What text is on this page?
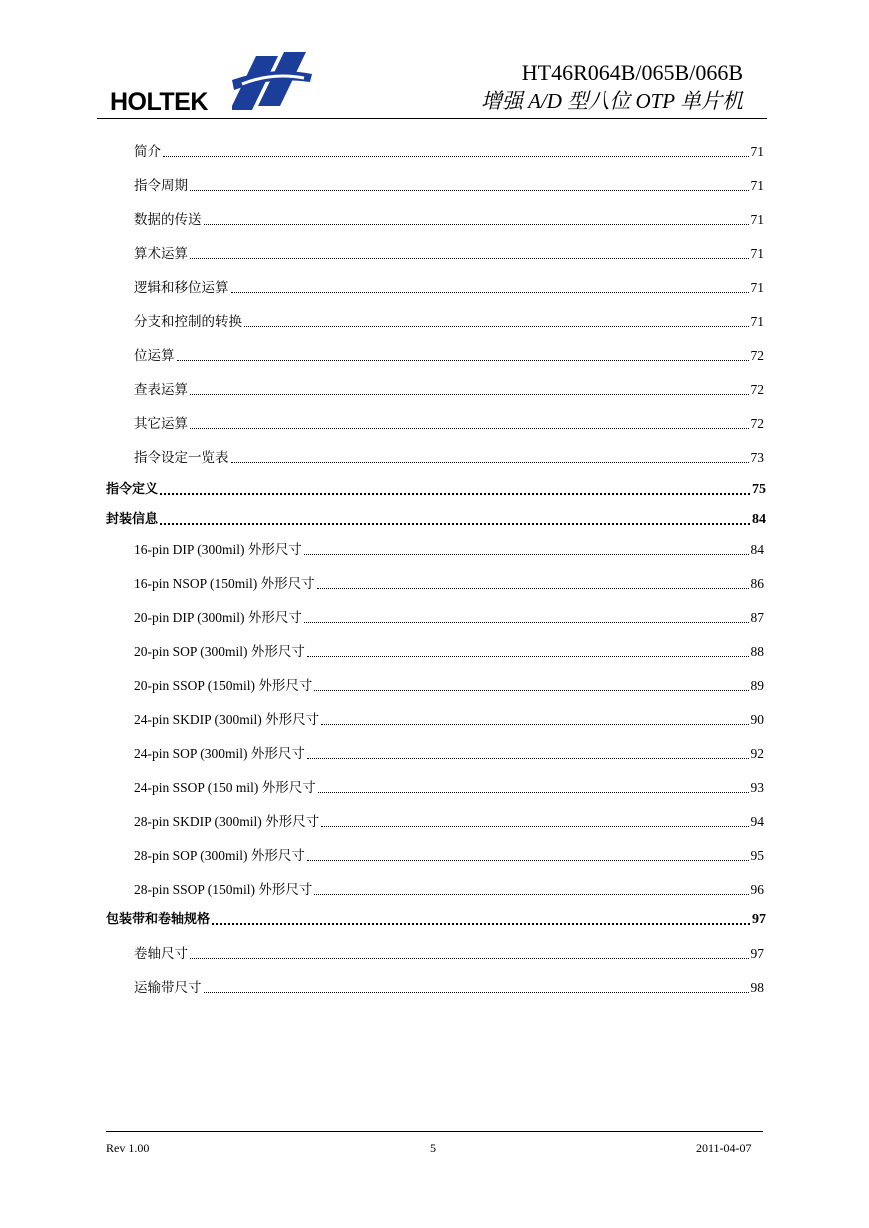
HOLTEK
HT46R064B/065B/066B
增强 A/D 型八位 OTP 单片机
简介	71
指令周期	71
数据的传送	71
算术运算	71
逻辑和移位运算	71
分支和控制的转换	71
位运算	72
查表运算	72
其它运算	72
指令设定一览表	73
指令定义	75
封装信息	84
16-pin DIP (300mil) 外形尺寸	84
16-pin NSOP (150mil) 外形尺寸	86
20-pin DIP (300mil) 外形尺寸	87
20-pin SOP (300mil) 外形尺寸	88
20-pin SSOP (150mil) 外形尺寸	89
24-pin SKDIP (300mil) 外形尺寸	90
24-pin SOP (300mil) 外形尺寸	92
24-pin SSOP (150 mil) 外形尺寸	93
28-pin SKDIP (300mil) 外形尺寸	94
28-pin SOP (300mil) 外形尺寸	95
28-pin SSOP (150mil) 外形尺寸	96
包装带和卷轴规格	97
卷轴尺寸	97
运输带尺寸	98
Rev 1.00	5	2011-04-07
